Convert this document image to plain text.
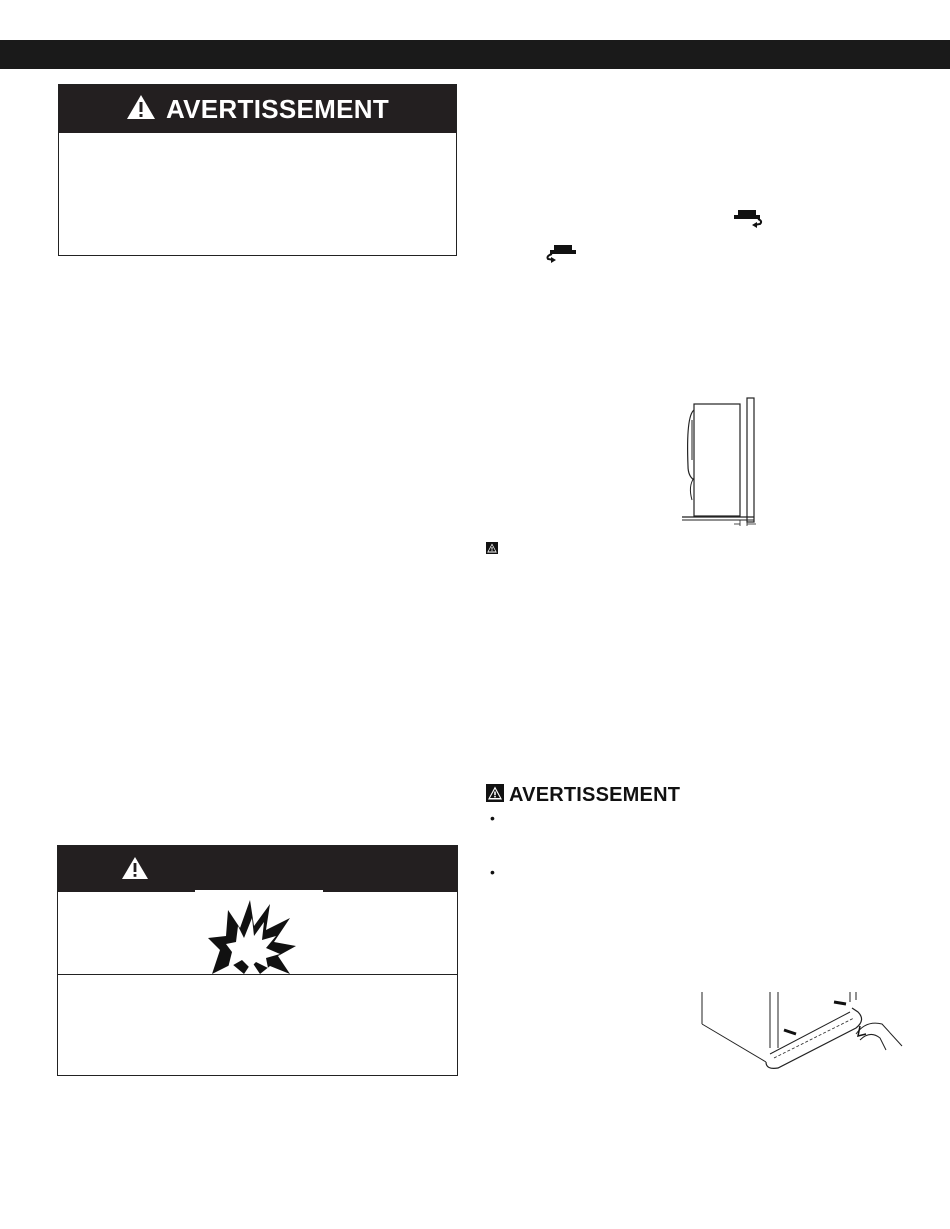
AVERTISSEMENT
AVERTISSEMENT
•
•
